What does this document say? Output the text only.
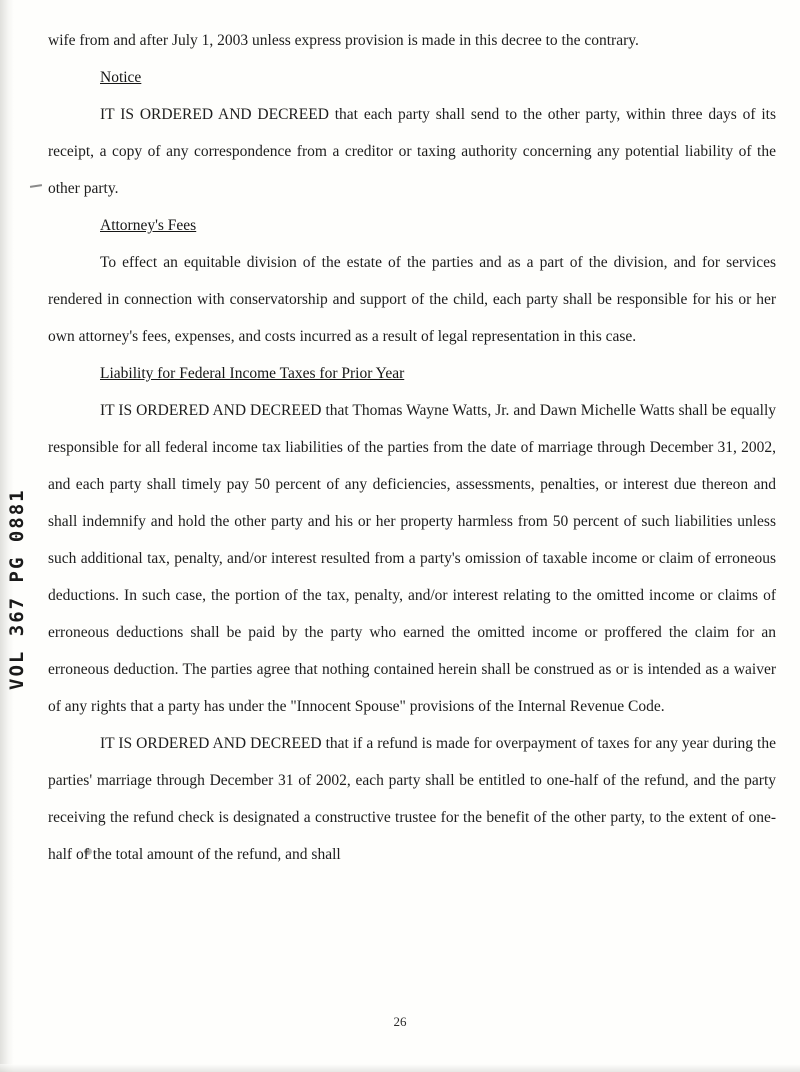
VOL 367 PG 0881

wife from and after July 1, 2003 unless express provision is made in this decree to the contrary.

Notice

IT IS ORDERED AND DECREED that each party shall send to the other party, within three days of its receipt, a copy of any correspondence from a creditor or taxing authority concerning any potential liability of the other party.

Attorney's Fees

To effect an equitable division of the estate of the parties and as a part of the division, and for services rendered in connection with conservatorship and support of the child, each party shall be responsible for his or her own attorney's fees, expenses, and costs incurred as a result of legal representation in this case.

Liability for Federal Income Taxes for Prior Year

IT IS ORDERED AND DECREED that Thomas Wayne Watts, Jr. and Dawn Michelle Watts shall be equally responsible for all federal income tax liabilities of the parties from the date of marriage through December 31, 2002, and each party shall timely pay 50 percent of any deficiencies, assessments, penalties, or interest due thereon and shall indemnify and hold the other party and his or her property harmless from 50 percent of such liabilities unless such additional tax, penalty, and/or interest resulted from a party's omission of taxable income or claim of erroneous deductions. In such case, the portion of the tax, penalty, and/or interest relating to the omitted income or claims of erroneous deductions shall be paid by the party who earned the omitted income or proffered the claim for an erroneous deduction. The parties agree that nothing contained herein shall be construed as or is intended as a waiver of any rights that a party has under the "Innocent Spouse" provisions of the Internal Revenue Code.

IT IS ORDERED AND DECREED that if a refund is made for overpayment of taxes for any year during the parties' marriage through December 31 of 2002, each party shall be entitled to one-half of the refund, and the party receiving the refund check is designated a constructive trustee for the benefit of the other party, to the extent of one-half of the total amount of the refund, and shall

26
